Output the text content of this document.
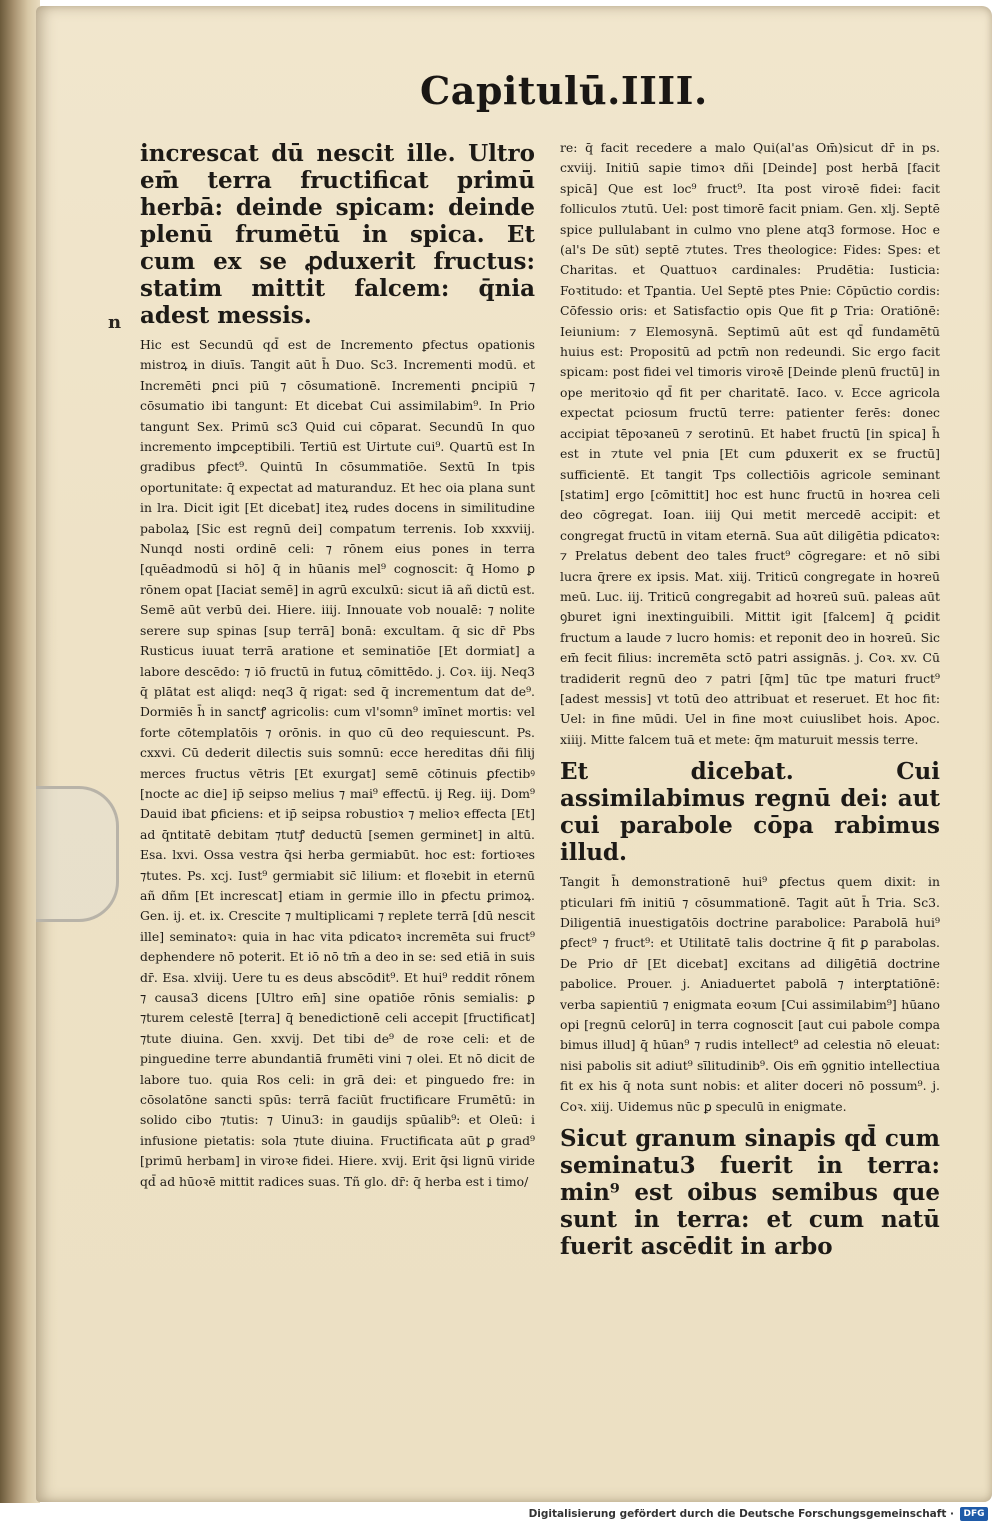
Capitulū.IIII.
n

increscat dū nescit ille. Ultro em̄ terra fructificat primū herbā: deinde spicam: deinde plenū frumētū in spica. Et cum ex se ꝓduxerit fructus: statim mittit falcem: q̄nia adest messis.

Hic est Secundū qd̄ est de Incremento ꝑfectus opationis mistroꝝ in diuīs. Tangit aūt h̄ Duo. Sc3. Incrementi modū. et Incremēti ꝑnci piū ⁊ cōsumationē. Incrementi ꝑncipiū ⁊ cōsumatio ibi tangunt: Et dicebat Cui assimilabim⁹. In Prio tangunt Sex. Primū sc3 Quid cui cōparat. Secundū In quo incremento imꝑceptibili. Tertiū est Uirtute cui⁹. Quartū est In gradibus ꝑfect⁹. Quintū In cōsummatiōe. Sextū In tpis oportunitate: q̄ expectat ad maturanduz. Et hec oia plana sunt in lra. Dicit igit [Et dicebat] iteꝝ rudes docens in similitudine pabolaꝝ [Sic est regnū dei] compatum terrenis. Iob xxxviij. Nunqd nosti ordinē celi: ⁊ rōnem eius pones in terra [quēadmodū si hō] q̄ in hūanis mel⁹ cognoscit: q̄ Homo ꝑ rōnem opat [Iaciat semē] in agrū exculxū: sicut iā añ dictū est. Semē aūt verbū dei. Hiere. iiij. Innouate vob noualē: ⁊ nolite serere sup spinas [sup terrā] bonā: excultam. q̄ sic dr̄ Pbs Rusticus iuuat terrā aratione et seminatiōe [Et dormiat] a labore descēdo: ⁊ iō fructū in futuꝝ cōmittēdo. j. Coꝛ. iij. Neq3 q̄ plātat est aliqd: neq3 q̄ rigat: sed q̄ incrementum dat de⁹. Dormiēs h̄ in sanctꝭ agricolis: cum vl'somn⁹ imīnet mortis: vel forte cōtemplatōis ⁊ orōnis. in quo cū deo requiescunt. Ps. cxxvi. Cū dederit dilectis suis somnū: ecce hereditas dñi filij merces fructus vētris [Et exurgat] semē cōtinuis ꝑfectibꝰ [nocte ac die] ip̄ seipso melius ⁊ mai⁹ effectū. ij Reg. iij. Dom⁹ Dauid ibat ꝑficiens: et ip̄ seipsa robustioꝛ ⁊ melioꝛ effecta [Et] ad q̄ntitatē debitam ⁊tutꝭ deductū [semen germinet] in altū. Esa. lxvi. Ossa vestra q̄si herba germiabūt. hoc est: fortioꝛes ⁊tutes. Ps. xcj. Iust⁹ germiabit sic̄ lilium: et floꝛebit in eternū añ dñm [Et increscat] etiam in germie illo in ꝑfectu ꝑrimoꝝ. Gen. ij. et. ix. Crescite ⁊ multiplicami ⁊ replete terrā [dū nescit ille] seminatoꝛ: quia in hac vita pdicatoꝛ incremēta sui fruct⁹ dephendere nō poterit. Et iō nō tm̄ a deo in se: sed etiā in suis dr̄. Esa. xlviij. Uere tu es deus abscōdit⁹. Et hui⁹ reddit rōnem ⁊ causa3 dicens [Ultro em̄] sine opatiōe rōnis semialis: ꝑ ⁊turem celestē [terra] q̄ benedictionē celi accepit [fructificat] ⁊tute diuina. Gen. xxvij. Det tibi de⁹ de roꝛe celi: et de pinguedine terre abundantiā frumēti vini ⁊ olei. Et nō dicit de labore tuo. quia Ros celi: in grā dei: et pinguedo fre: in cōsolatōne sancti spūs: terrā faciūt fructificare Frumētū: in solido cibo ⁊tutis: ⁊ Uinu3: in gaudijs spūalib⁹: et Oleū: i infusione pietatis: sola ⁊tute diuina. Fructificata aūt ꝑ grad⁹ [primū herbam] in viroꝛe fidei. Hiere. xvij. Erit q̄si lignū viride qd̄ ad hūoꝛē mittit radices suas. Tñ glo. dr̄: q̄ herba est i timo/

re: q̄ facit recedere a malo Qui(al'as Om̄)sicut dr̄ in ps. cxviij. Initiū sapie timoꝛ dñi [Deinde] post herbā [facit spicā] Que est loc⁹ fruct⁹. Ita post viroꝛē fidei: facit folliculos ⁊tutū. Uel: post timorē facit pniam. Gen. xlj. Septē spice pullulabant in culmo vno plene atq3 formose. Hoc e (al's De sūt) septē ⁊tutes. Tres theologice: Fides: Spes: et Charitas. et Quattuoꝛ cardinales: Prudētia: Iusticia: Foꝛtitudo: et Tꝑantia. Uel Septē ptes Pnie: Cōpūctio cordis: Cōfessio oris: et Satisfactio opis Que fit ꝑ Tria: Oratiōnē: Ieiunium: ⁊ Elemosynā. Septimū aūt est qd̄ fundamētū huius est: Propositū ad pctm̄ non redeundi. Sic ergo facit spicam: post fidei vel timoris viroꝛē [Deinde plenū fructū] in ope meritoꝛio qd̄ fit per charitatē. Iaco. v. Ecce agricola expectat pciosum fructū terre: patienter ferēs: donec accipiat tēpoꝛaneū ⁊ serotinū. Et habet fructū [in spica] h̄ est in ⁊tute vel pnia [Et cum ꝑduxerit ex se fructū] sufficientē. Et tangit Tps collectiōis agricole seminant [statim] ergo [cōmittit] hoc est hunc fructū in hoꝛrea celi deo cōgregat. Ioan. iiij Qui metit mercedē accipit: et congregat fructū in vitam eternā. Sua aūt diligētia pdicatoꝛ: ⁊ Prelatus debent deo tales fruct⁹ cōgregare: et nō sibi lucra q̄rere ex ipsis. Mat. xiij. Triticū congregate in hoꝛreū meū. Luc. iij. Triticū congregabit ad hoꝛreū suū. paleas aūt ꝯburet igni inextinguibili. Mittit igit [falcem] q̄ ꝑcidit fructum a laude ⁊ lucro homis: et reponit deo in hoꝛreū. Sic em̄ fecit filius: incremēta sctō patri assignās. j. Coꝛ. xv. Cū tradiderit regnū deo ⁊ patri [q̄m] tūc tpe maturi fruct⁹ [adest messis] vt totū deo attribuat et reseruet. Et hoc fit: Uel: in fine mūdi. Uel in fine moꝛt cuiuslibet hois. Apoc. xiiij. Mitte falcem tuā et mete: q̄m maturuit messis terre.

Et dicebat. Cui assimilabimus regnū dei: aut cui parabole cōpa rabimus illud.

Tangit h̄ demonstrationē hui⁹ ꝑfectus quem dixit: in pticulari fm̄ initiū ⁊ cōsummationē. Tagit aūt h̄ Tria. Sc3. Diligentiā inuestigatōis doctrine parabolice: Parabolā hui⁹ ꝑfect⁹ ⁊ fruct⁹: et Utilitatē talis doctrine q̄ fit ꝑ parabolas. De Prio dr̄ [Et dicebat] excitans ad diligētiā doctrine pabolice. Prouer. j. Aniaduertet pabolā ⁊ interꝑtatiōnē: verba sapientiū ⁊ enigmata eoꝛum [Cui assimilabim⁹] hūano opi [regnū celorū] in terra cognoscit [aut cui pabole compa bimus illud] q̄ hūan⁹ ⁊ rudis intellect⁹ ad celestia nō eleuat: nisi pabolis sit adiut⁹ sīlitudinib⁹. Ois em̄ ꝯgnitio intellectiua fit ex his q̄ nota sunt nobis: et aliter doceri nō possum⁹. j. Coꝛ. xiij. Uidemus nūc ꝑ speculū in enigmate.

Sicut granum sinapis qd̄ cum seminatu3 fuerit in terra: min⁹ est oibus semibus que sunt in terra: et cum natū fuerit ascēdit in arbo

Digitalisierung gefördert durch die Deutsche Forschungsgemeinschaft ·	DFG
